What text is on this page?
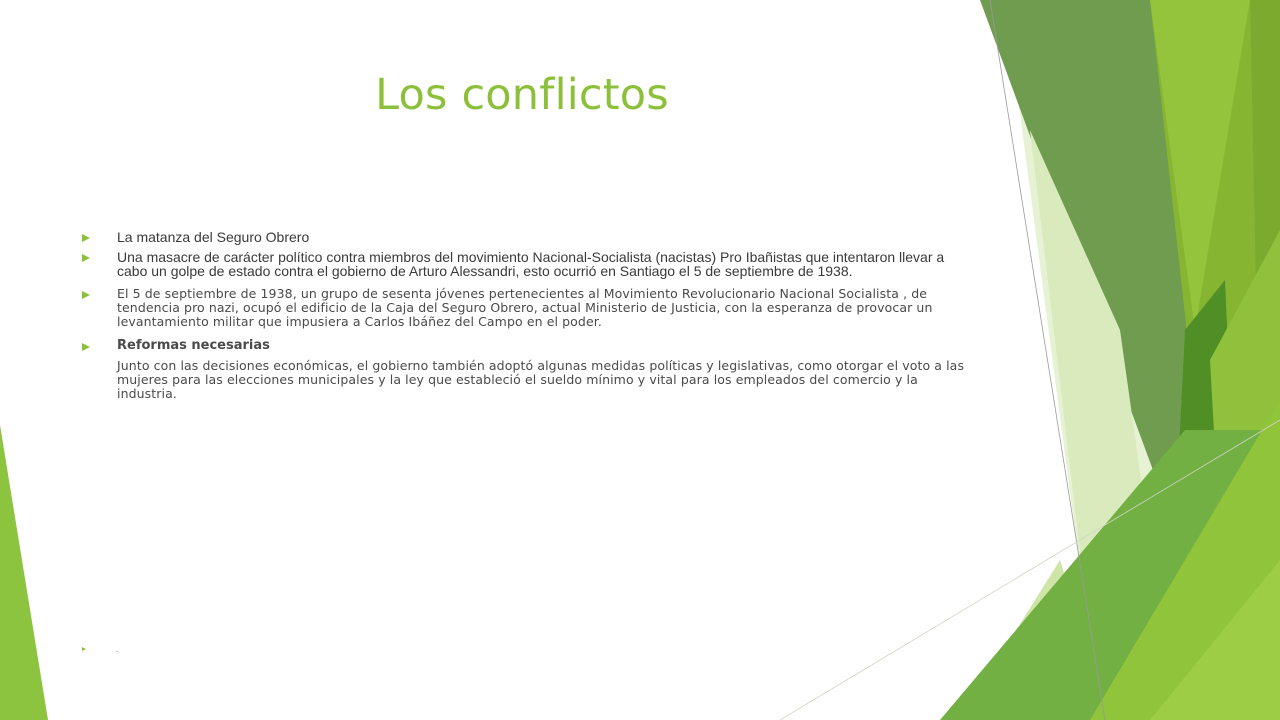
Los conflictos
La matanza del Seguro Obrero
Una masacre de carácter político contra miembros del movimiento Nacional-Socialista (nacistas) Pro Ibañistas que intentaron llevar a cabo un golpe de estado contra el gobierno de Arturo Alessandri, esto ocurrió en Santiago el 5 de septiembre de 1938.
El 5 de septiembre de 1938, un grupo de sesenta jóvenes pertenecientes al Movimiento Revolucionario Nacional Socialista , de tendencia pro nazi, ocupó el edificio de la Caja del Seguro Obrero, actual Ministerio de Justicia, con la esperanza de provocar un levantamiento militar que impusiera a Carlos Ibáñez del Campo en el poder.
Reformas necesarias
Junto con las decisiones económicas, el gobierno también adoptó algunas medidas políticas y legislativas, como otorgar el voto a las mujeres para las elecciones municipales y la ley que estableció el sueldo mínimo y vital para los empleados del comercio y la industria.
.
